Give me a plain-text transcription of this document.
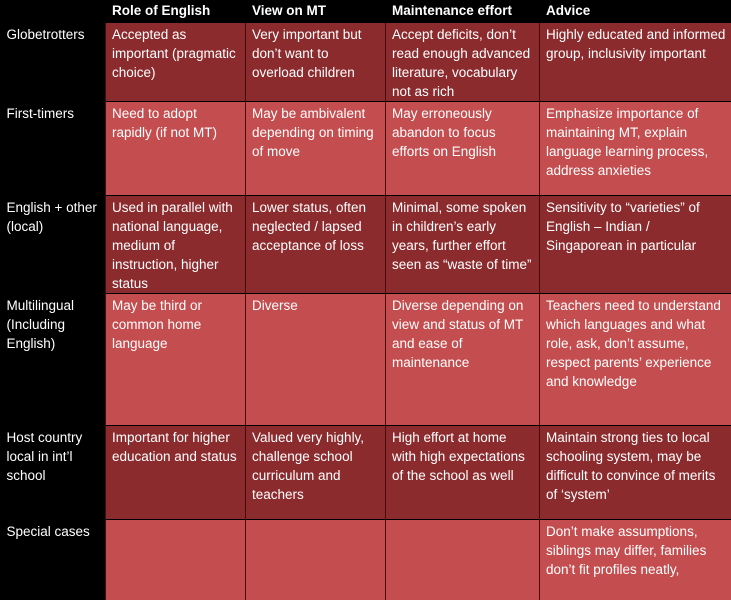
	Role of English	View on MT	Maintenance effort	Advice
Globetrotters	Accepted as important (pragmatic choice)	Very important but don’t want to overload children	Accept deficits, don’t read enough advanced literature, vocabulary not as rich	Highly educated and informed group, inclusivity important
First-timers	Need to adopt rapidly (if not MT)	May be ambivalent depending on timing of move	May erroneously abandon to focus efforts on English	Emphasize importance of maintaining MT, explain language learning process, address anxieties
English + other (local)	Used in parallel with national language, medium of instruction, higher status	Lower status, often neglected / lapsed acceptance of loss	Minimal, some spoken in children’s early years, further effort seen as “waste of time”	Sensitivity to “varieties” of English – Indian / Singaporean in particular
Multilingual (Including English)	May be third or common home language	Diverse	Diverse depending on view and status of MT and ease of maintenance	Teachers need to understand which languages and what role, ask, don’t assume, respect parents’ experience and knowledge
Host country local in int’l school	Important for higher education and status	Valued very highly, challenge school curriculum and teachers	High effort at home with high expectations of the school as well	Maintain strong ties to local schooling system, may be difficult to convince of merits of ‘system’
Special cases				Don’t make assumptions, siblings may differ, families don’t fit profiles neatly,
